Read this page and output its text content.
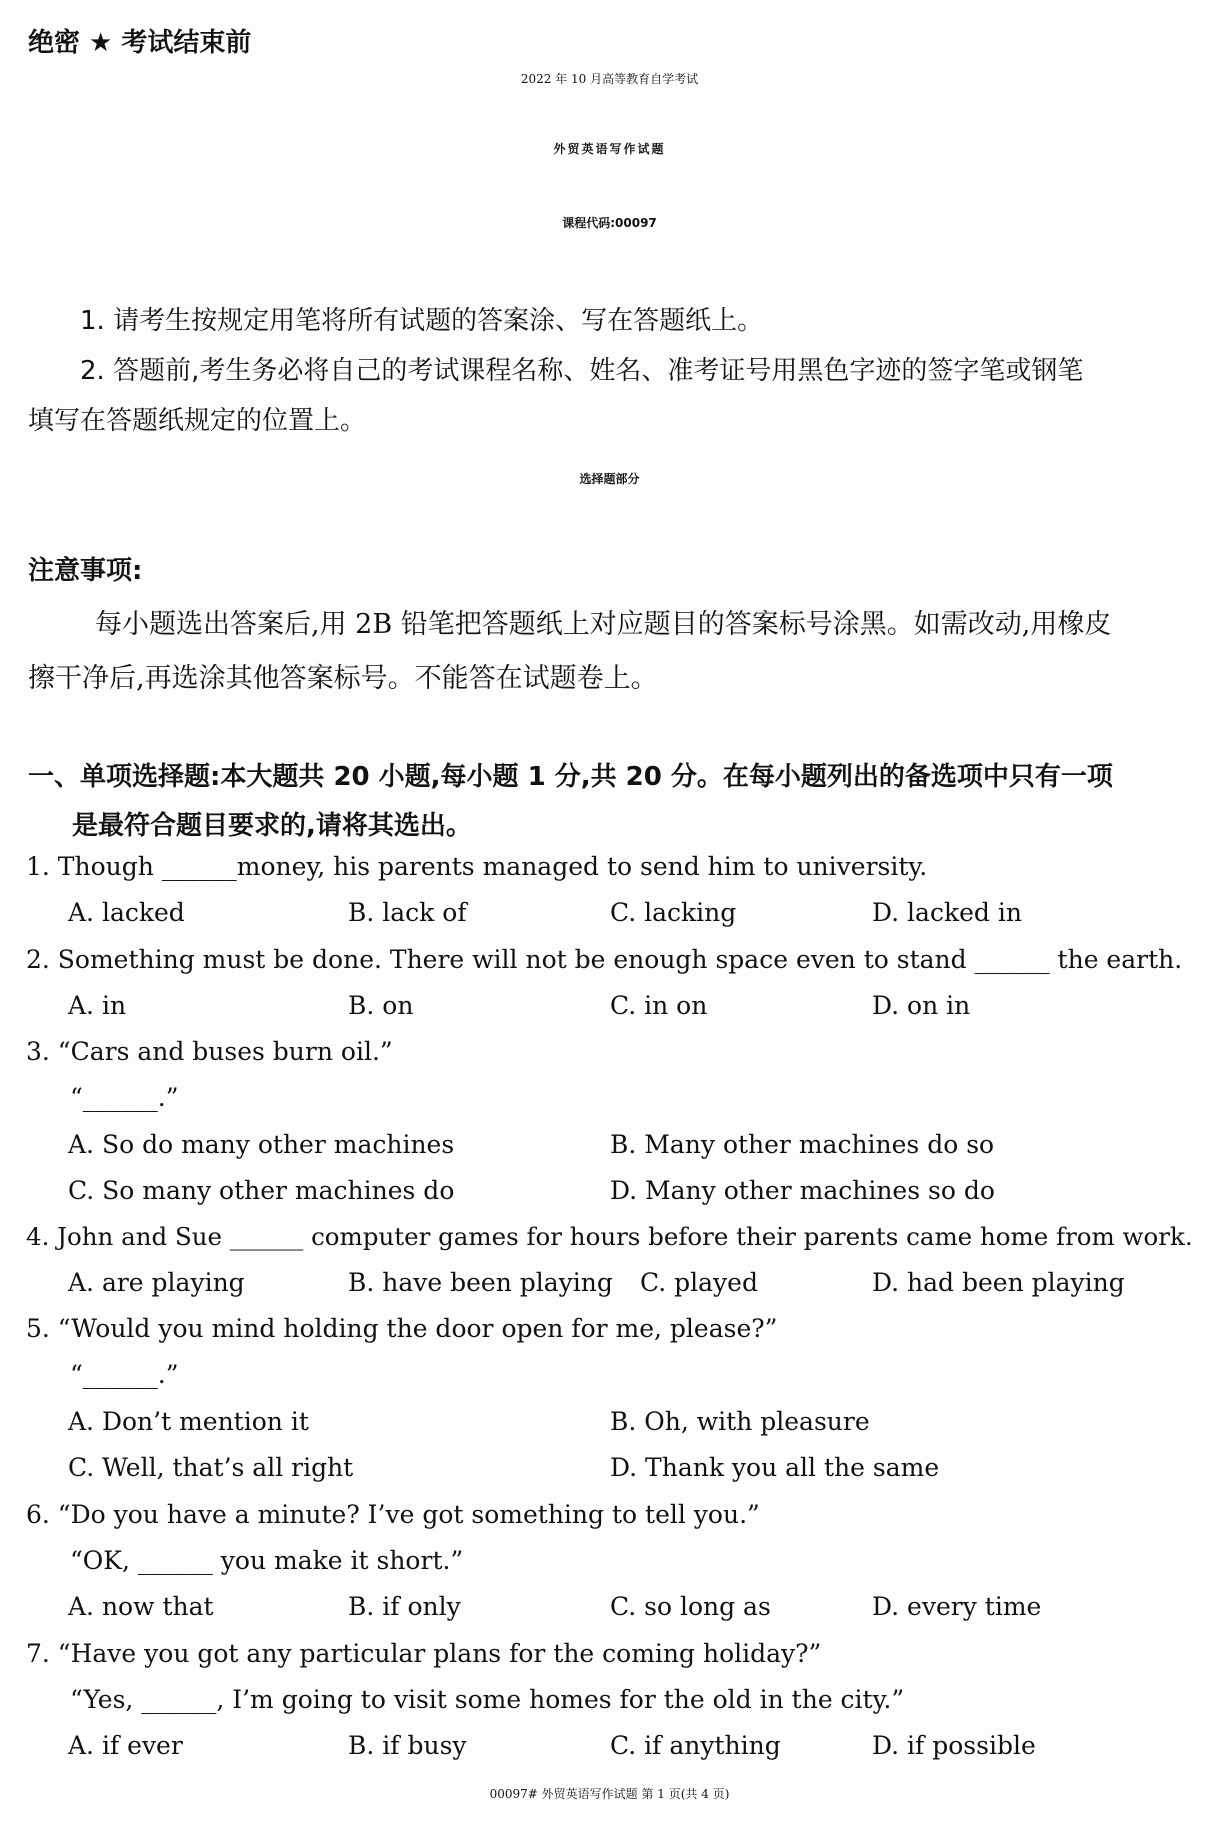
绝密 ★ 考试结束前
2022 年 10 月高等教育自学考试
外贸英语写作试题
课程代码:00097
1. 请考生按规定用笔将所有试题的答案涂、写在答题纸上。
2. 答题前,考生务必将自己的考试课程名称、姓名、准考证号用黑色字迹的签字笔或钢笔
填写在答题纸规定的位置上。
选择题部分
注意事项:
每小题选出答案后,用 2B 铅笔把答题纸上对应题目的答案标号涂黑。如需改动,用橡皮
擦干净后,再选涂其他答案标号。不能答在试题卷上。
一、单项选择题:本大题共 20 小题,每小题 1 分,共 20 分。在每小题列出的备选项中只有一项
是最符合题目要求的,请将其选出。
1. Though ______money, his parents managed to send him to university.
A. lacked	B. lack of	C. lacking	D. lacked in
2. Something must be done. There will not be enough space even to stand ______ the earth.
A. in	B. on	C. in on	D. on in
3. “Cars and buses burn oil.”
“______.”
A. So do many other machines	B. Many other machines do so
C. So many other machines do	D. Many other machines so do
4. John and Sue ______ computer games for hours before their parents came home from work.
A. are playing	B. have been playing C. played	D. had been playing
5. “Would you mind holding the door open for me, please?”
“______.”
A. Don’t mention it	B. Oh, with pleasure
C. Well, that’s all right	D. Thank you all the same
6. “Do you have a minute? I’ve got something to tell you.”
“OK, ______ you make it short.”
A. now that	B. if only	C. so long as	D. every time
7. “Have you got any particular plans for the coming holiday?”
“Yes, ______, I’m going to visit some homes for the old in the city.”
A. if ever	B. if busy	C. if anything	D. if possible
00097# 外贸英语写作试题 第 1 页(共 4 页)
